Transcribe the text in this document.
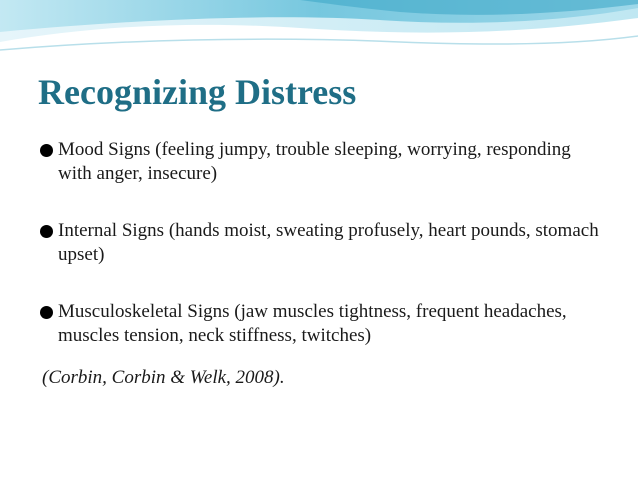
Recognizing Distress
Mood Signs (feeling jumpy, trouble sleeping, worrying, responding with anger, insecure)
Internal Signs (hands moist, sweating profusely, heart pounds, stomach upset)
Musculoskeletal Signs (jaw muscles tightness, frequent headaches, muscles tension, neck stiffness, twitches)

(Corbin, Corbin & Welk, 2008).
